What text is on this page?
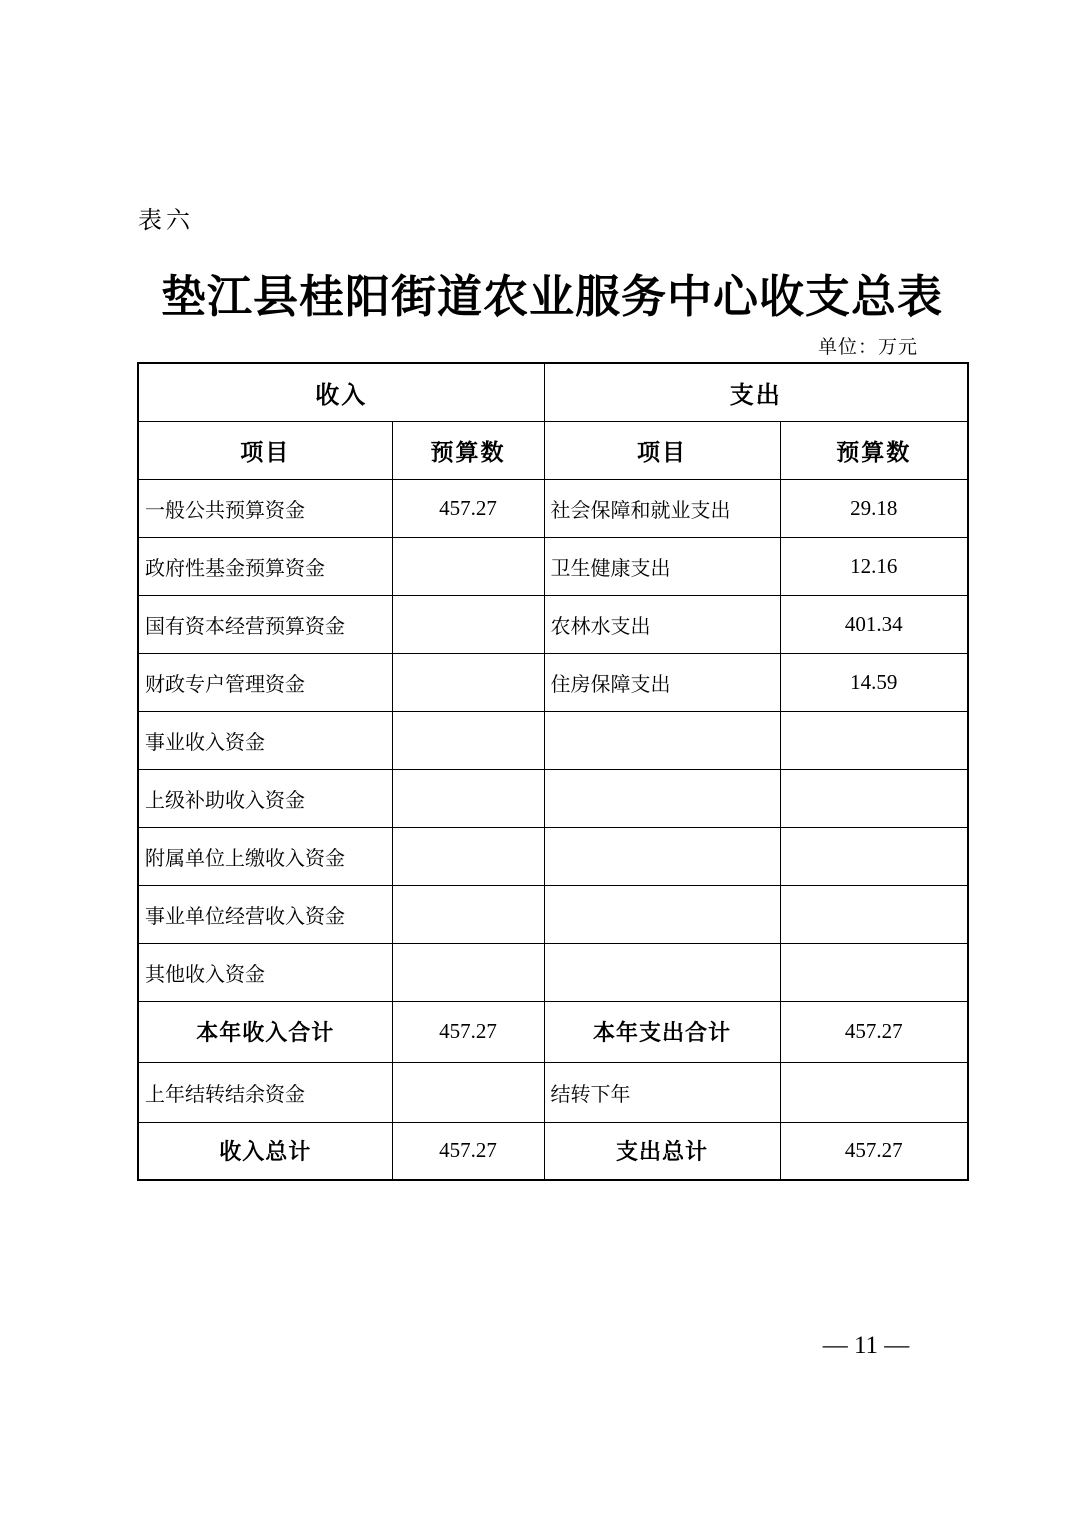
表六
垫江县桂阳街道农业服务中心收支总表
单位：万元
收入		支出	
项目	预算数	项目	预算数
一般公共预算资金	457.27	社会保障和就业支出	29.18
政府性基金预算资金		卫生健康支出	12.16
国有资本经营预算资金		农林水支出	401.34
财政专户管理资金		住房保障支出	14.59
事业收入资金			
上级补助收入资金			
附属单位上缴收入资金			
事业单位经营收入资金			
其他收入资金			
本年收入合计	457.27	本年支出合计	457.27
上年结转结余资金		结转下年	
收入总计	457.27	支出总计	457.27
— 11 —
